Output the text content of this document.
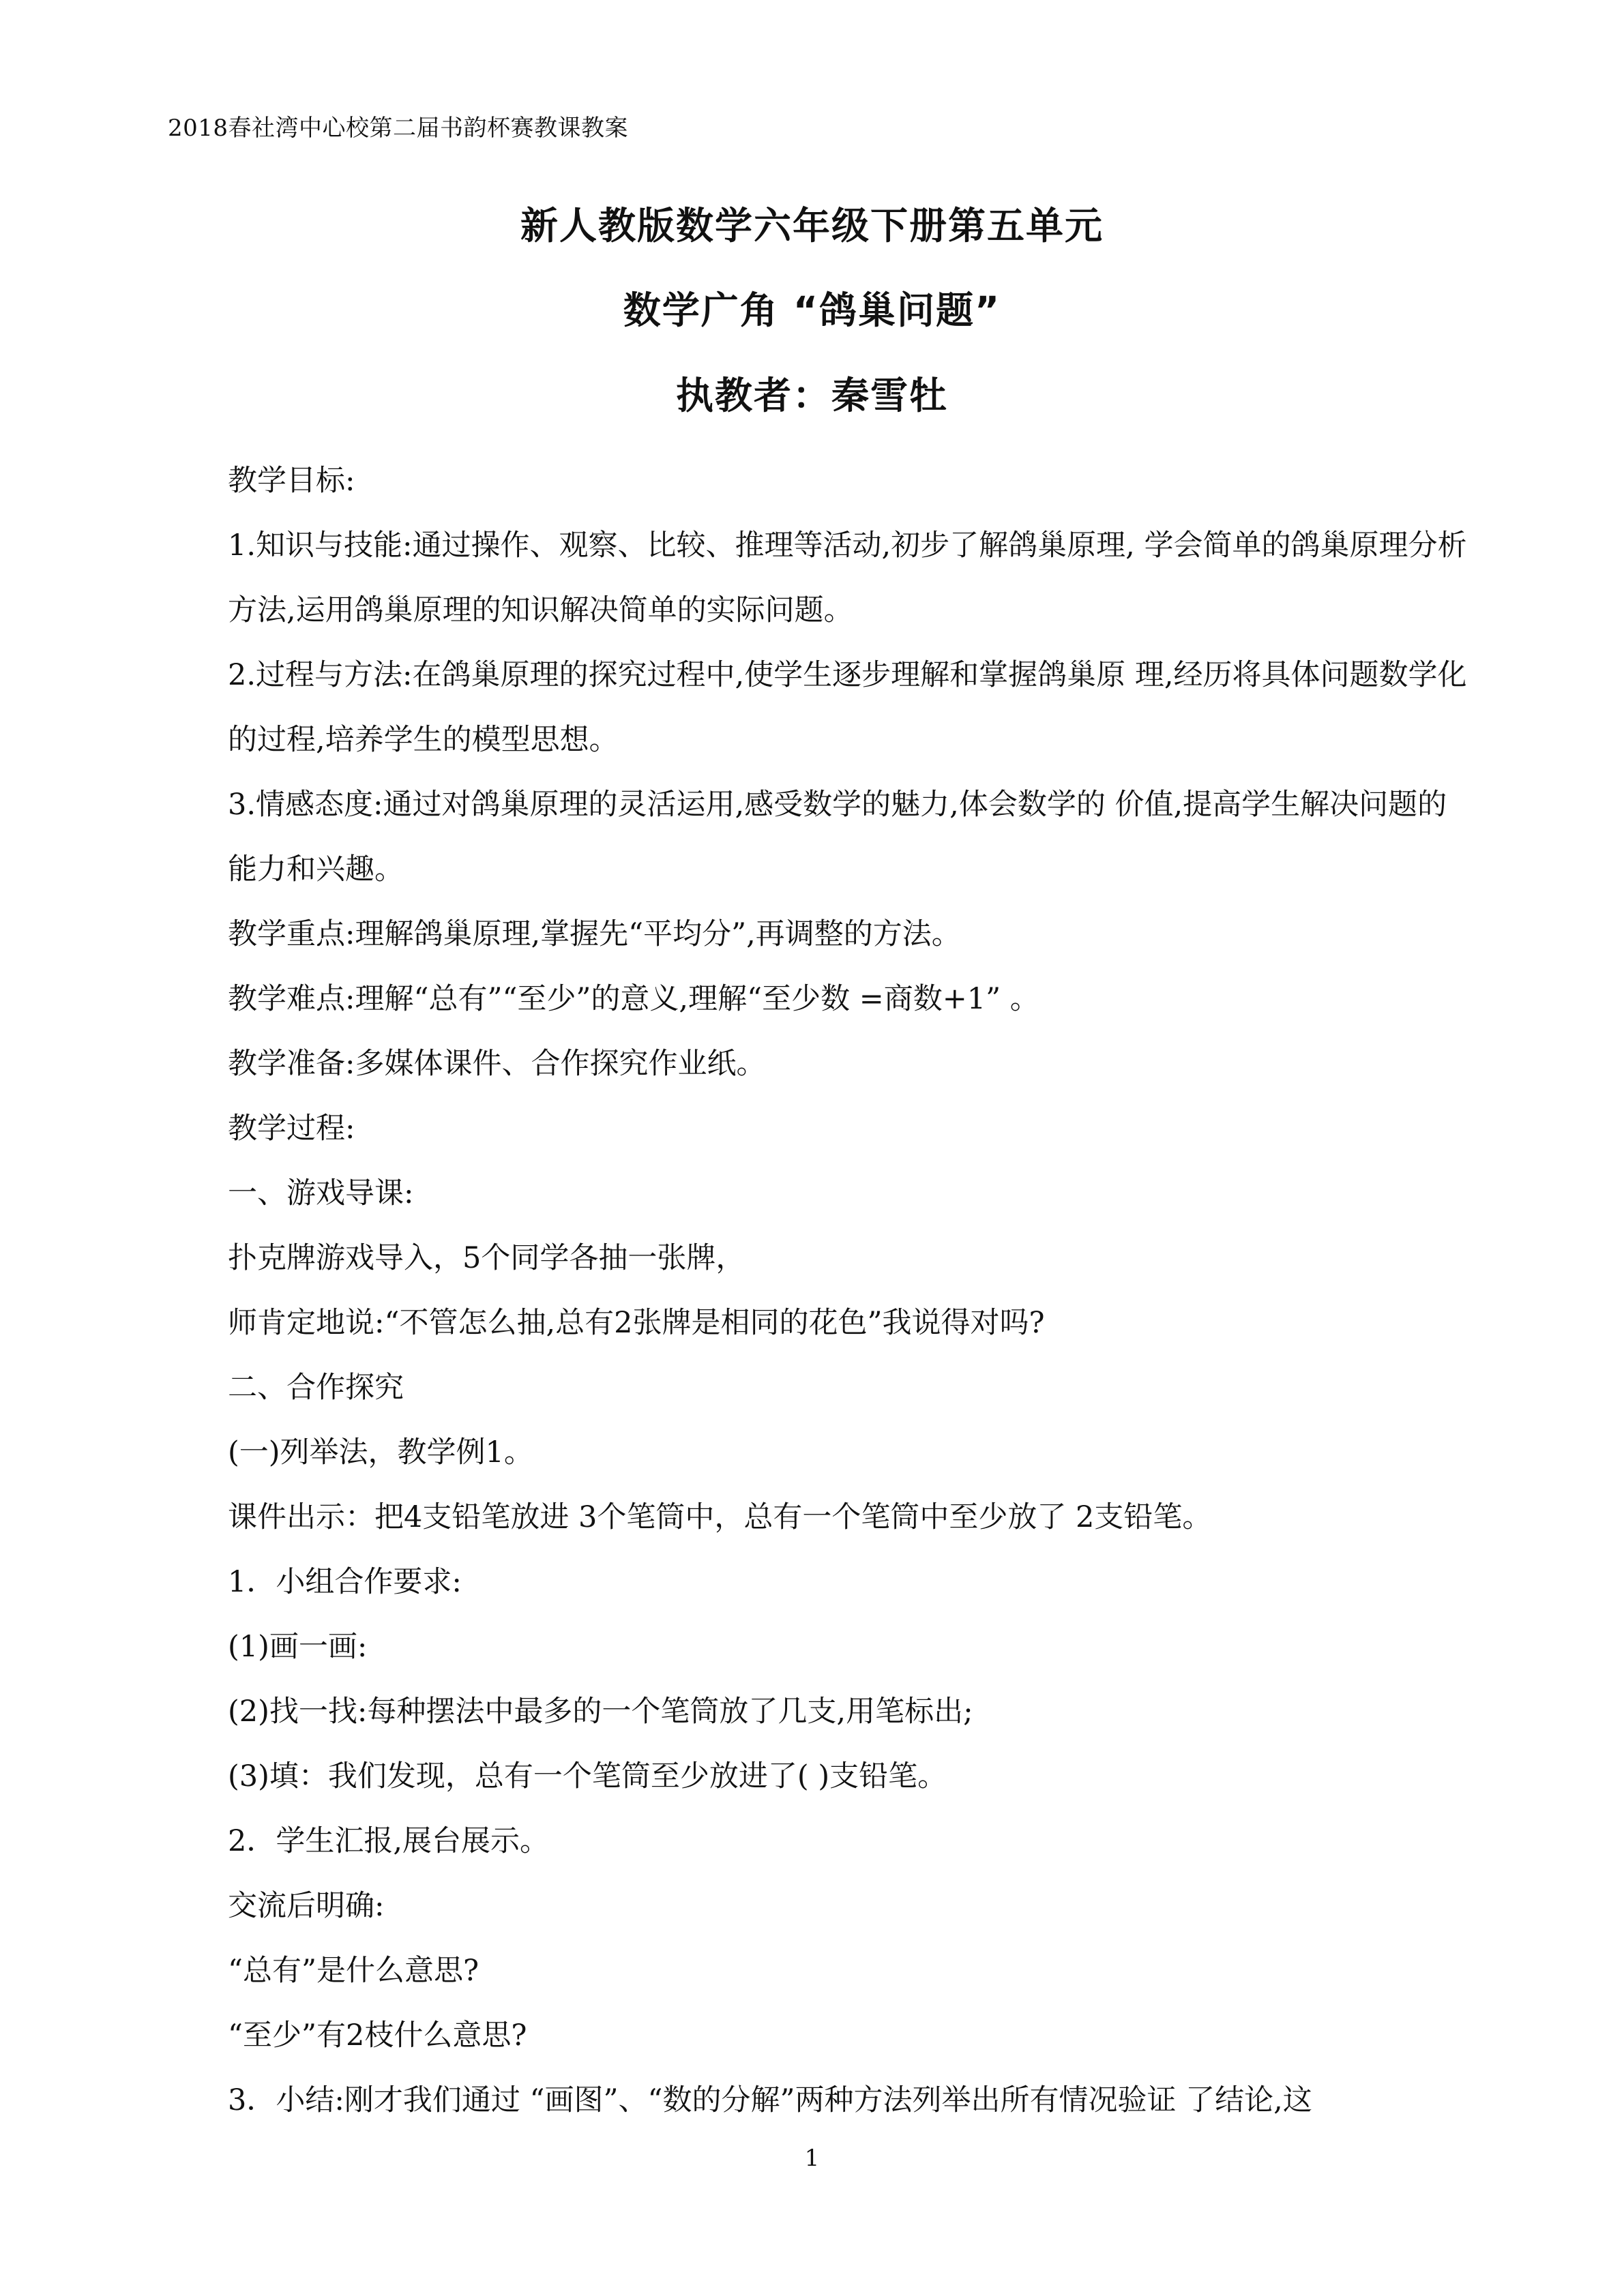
2018春社湾中心校第二届书韵杯赛教课教案
新人教版数学六年级下册第五单元
数学广角 “鸽巢问题”
执教者：秦雪牡

教学目标:

1.知识与技能:通过操作、观察、比较、推理等活动,初步了解鸽巢原理, 学会简单的鸽巢原理分析方法,运用鸽巢原理的知识解决简单的实际问题。

2.过程与方法:在鸽巢原理的探究过程中,使学生逐步理解和掌握鸽巢原 理,经历将具体问题数学化的过程,培养学生的模型思想。

3.情感态度:通过对鸽巢原理的灵活运用,感受数学的魅力,体会数学的 价值,提高学生解决问题的能力和兴趣。

教学重点:理解鸽巢原理,掌握先“平均分”,再调整的方法。

教学难点:理解“总有”“至少”的意义,理解“至少数 =商数+1” 。

教学准备:多媒体课件、合作探究作业纸。

教学过程:

一、游戏导课:

扑克牌游戏导入，5个同学各抽一张牌，

师肯定地说:“不管怎么抽,总有2张牌是相同的花色”我说得对吗?

二、合作探究

(一)列举法，教学例1。

课件出示：把4支铅笔放进 3个笔筒中，总有一个笔筒中至少放了 2支铅笔。

1．小组合作要求:

(1)画一画:

(2)找一找:每种摆法中最多的一个笔筒放了几支,用笔标出;

(3)填：我们发现，总有一个笔筒至少放进了( )支铅笔。

2．学生汇报,展台展示。

交流后明确:

“总有”是什么意思?

“至少”有2枝什么意思?

3．小结:刚才我们通过 “画图”、“数的分解”两种方法列举出所有情况验证 了结论,这

1
